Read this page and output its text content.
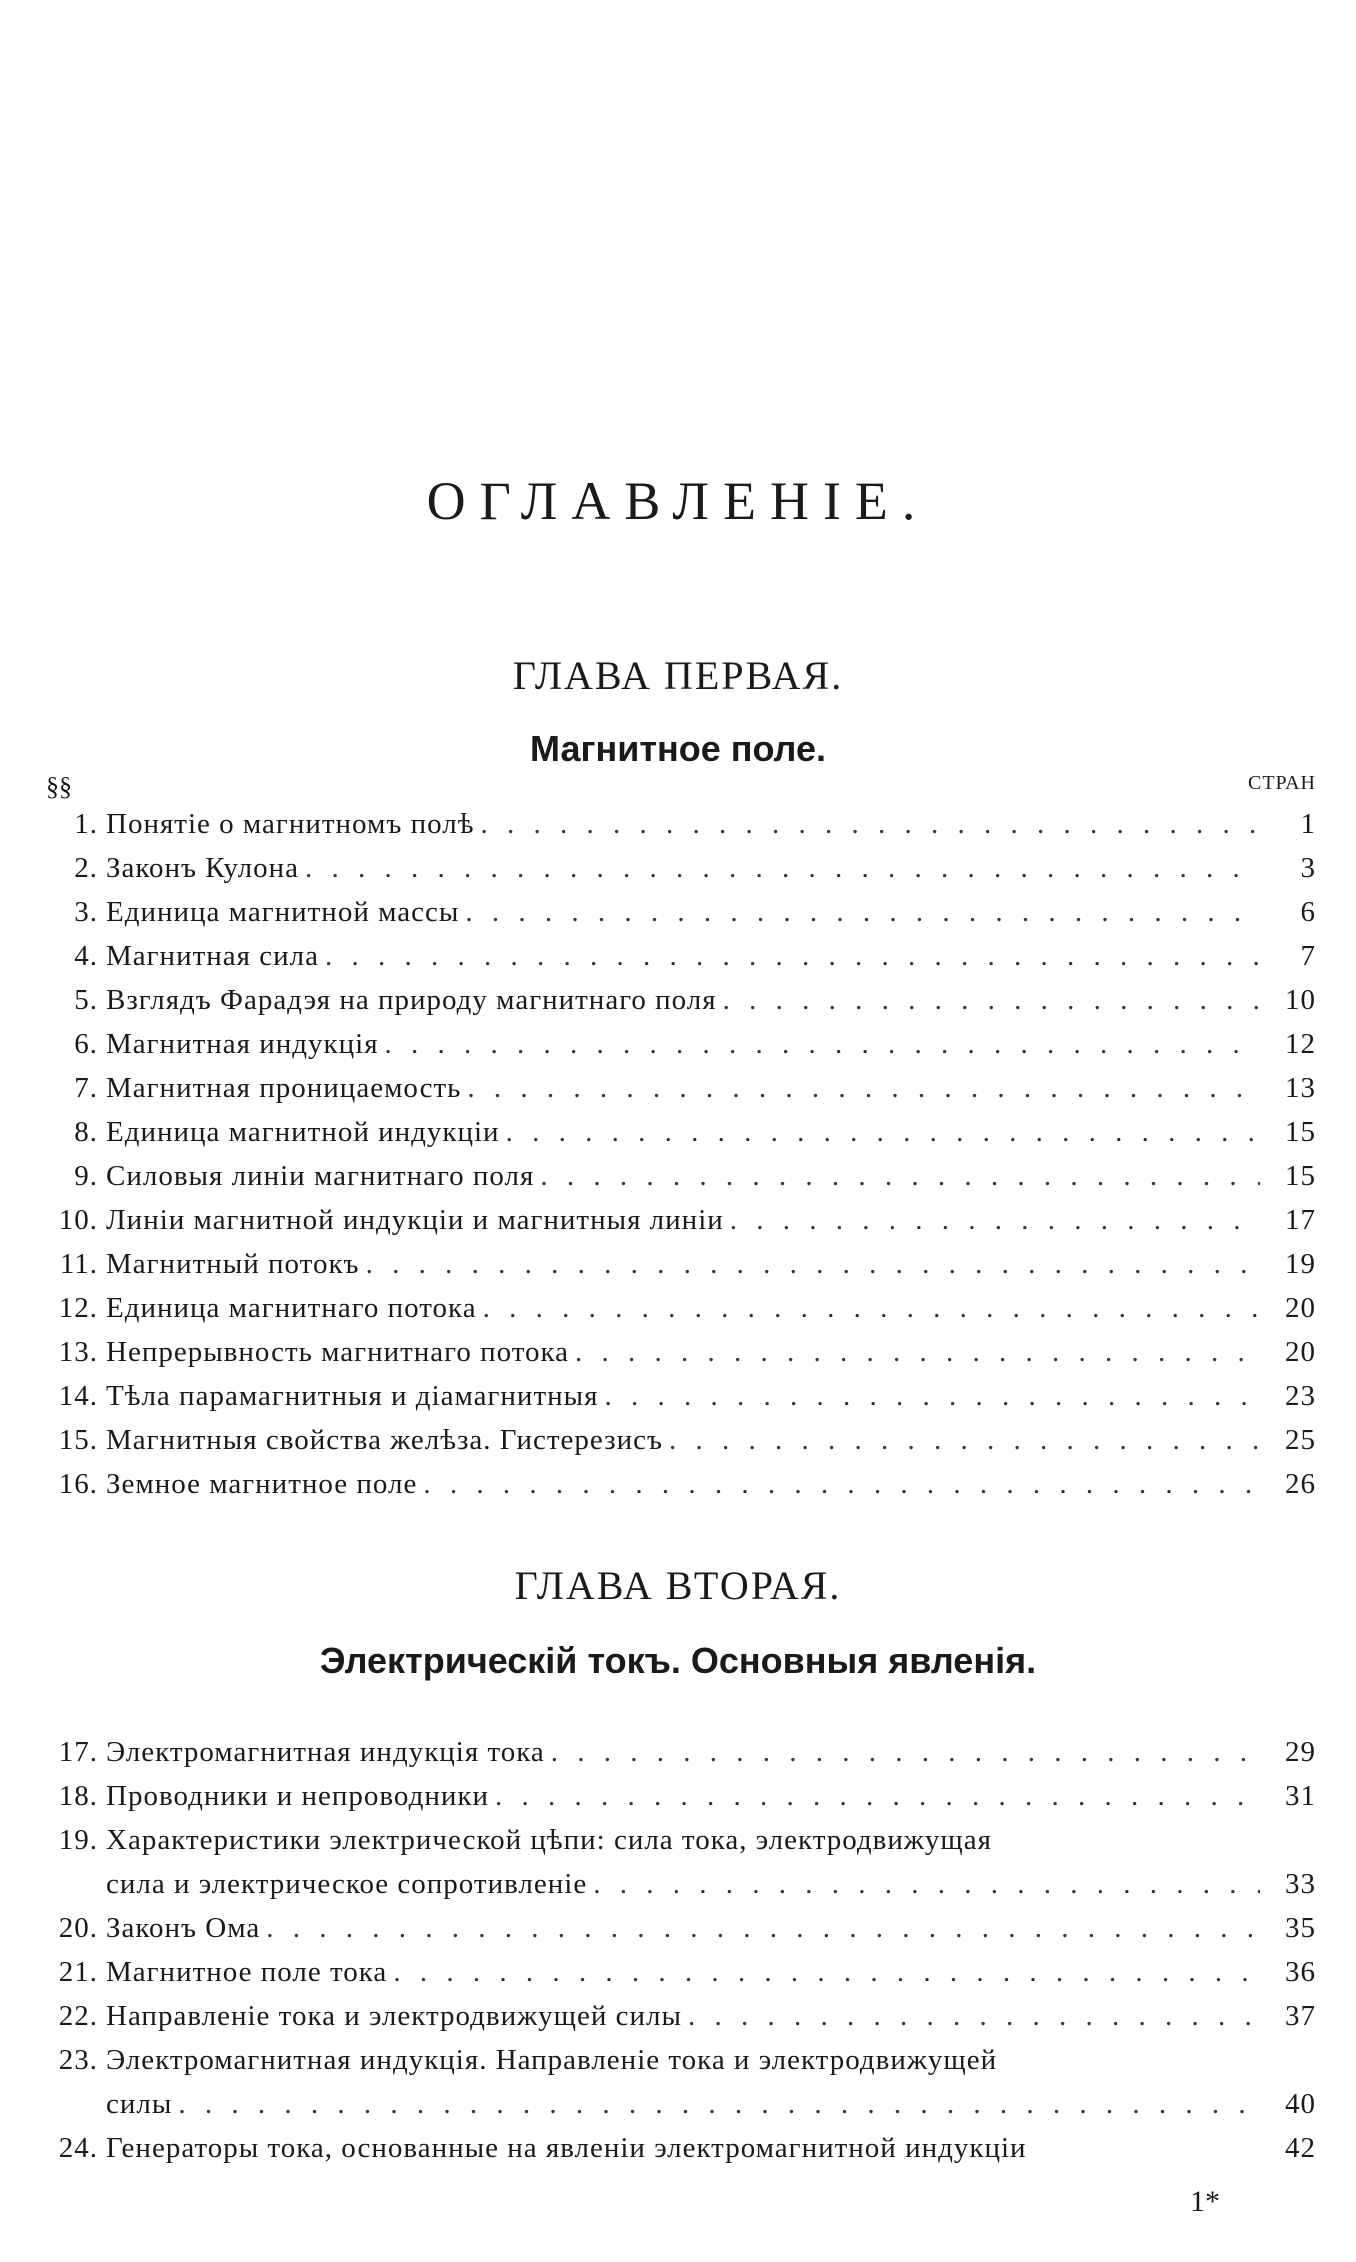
ОГЛАВЛЕНІЕ.
ГЛАВА ПЕРВАЯ.
Магнитное поле.
§§	СТРАН
1. Понятіе о магнитномъ полѣ . . .	1
2. Законъ Кулона . . .	3
3. Единица магнитной массы . . .	6
4. Магнитная сила . . .	7
5. Взглядъ Фарадэя на природу магнитнаго поля . . .	10
6. Магнитная индукція . . .	12
7. Магнитная проницаемость . . .	13
8. Единица магнитной индукціи . . .	15
9. Силовыя линіи магнитнаго поля . . .	15
10. Линіи магнитной индукціи и магнитныя линіи . . .	17
11. Магнитный потокъ . . .	19
12. Единица магнитнаго потока . . .	20
13. Непрерывность магнитнаго потока . . .	20
14. Тѣла парамагнитныя и діамагнитныя . . .	23
15. Магнитныя свойства желѣза. Гистерезисъ . . .	25
16. Земное магнитное поле . . .	26
ГЛАВА ВТОРАЯ.
Электрическій токъ. Основныя явленія.
17. Электромагнитная индукція тока . . .	29
18. Проводники и непроводники . . .	31
19. Характеристики электрической цѣпи: сила тока, электродвижущая
сила и электрическое сопротивленіе . . .	33
20. Законъ Ома . . .	35
21. Магнитное поле тока . . .	36
22. Направленіе тока и электродвижущей силы . . .	37
23. Электромагнитная индукція. Направленіе тока и электродвижущей
силы . . .	40
24. Генераторы тока, основанные на явленіи электромагнитной индукціи	42
1*
